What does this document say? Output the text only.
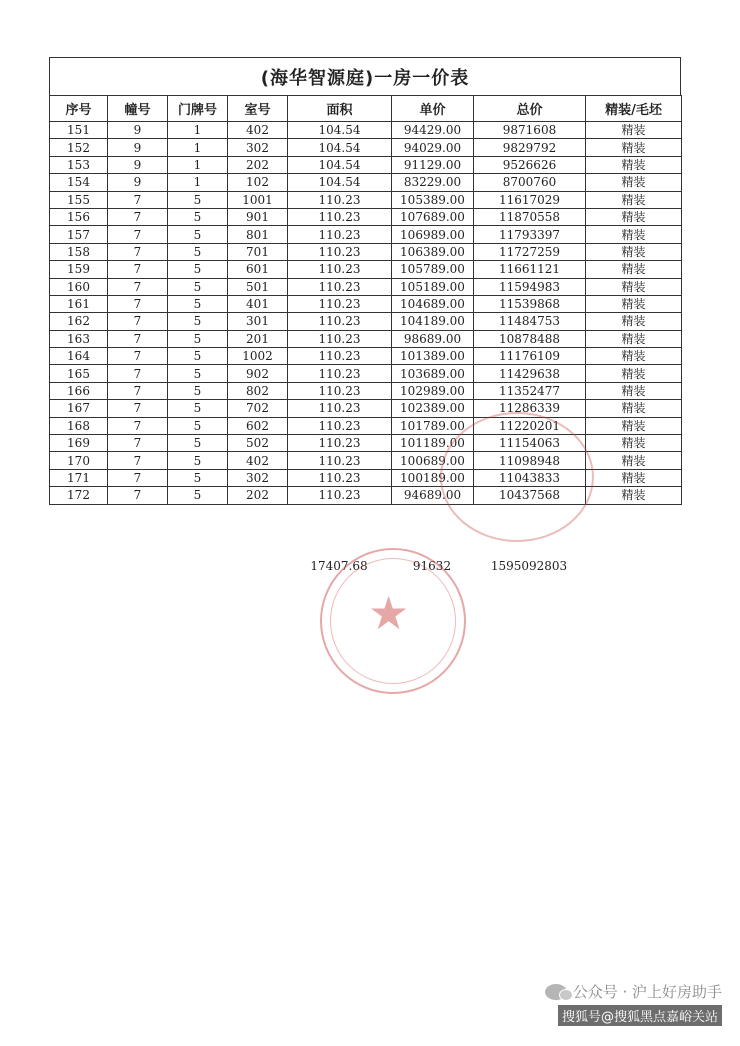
(海华智源庭)一房一价表
序号	幢号	门牌号	室号	面积	单价	总价	精装/毛坯
151	9	1	402	104.54	94429.00	9871608	精装
152	9	1	302	104.54	94029.00	9829792	精装
153	9	1	202	104.54	91129.00	9526626	精装
154	9	1	102	104.54	83229.00	8700760	精装
155	7	5	1001	110.23	105389.00	11617029	精装
156	7	5	901	110.23	107689.00	11870558	精装
157	7	5	801	110.23	106989.00	11793397	精装
158	7	5	701	110.23	106389.00	11727259	精装
159	7	5	601	110.23	105789.00	11661121	精装
160	7	5	501	110.23	105189.00	11594983	精装
161	7	5	401	110.23	104689.00	11539868	精装
162	7	5	301	110.23	104189.00	11484753	精装
163	7	5	201	110.23	98689.00	10878488	精装
164	7	5	1002	110.23	101389.00	11176109	精装
165	7	5	902	110.23	103689.00	11429638	精装
166	7	5	802	110.23	102989.00	11352477	精装
167	7	5	702	110.23	102389.00	11286339	精装
168	7	5	602	110.23	101789.00	11220201	精装
169	7	5	502	110.23	101189.00	11154063	精装
170	7	5	402	110.23	100689.00	11098948	精装
171	7	5	302	110.23	100189.00	11043833	精装
172	7	5	202	110.23	94689.00	10437568	精装
17407.68	91632	1595092803
★
公众号 · 沪上好房助手
搜狐号@搜狐黑点嘉峪关站
